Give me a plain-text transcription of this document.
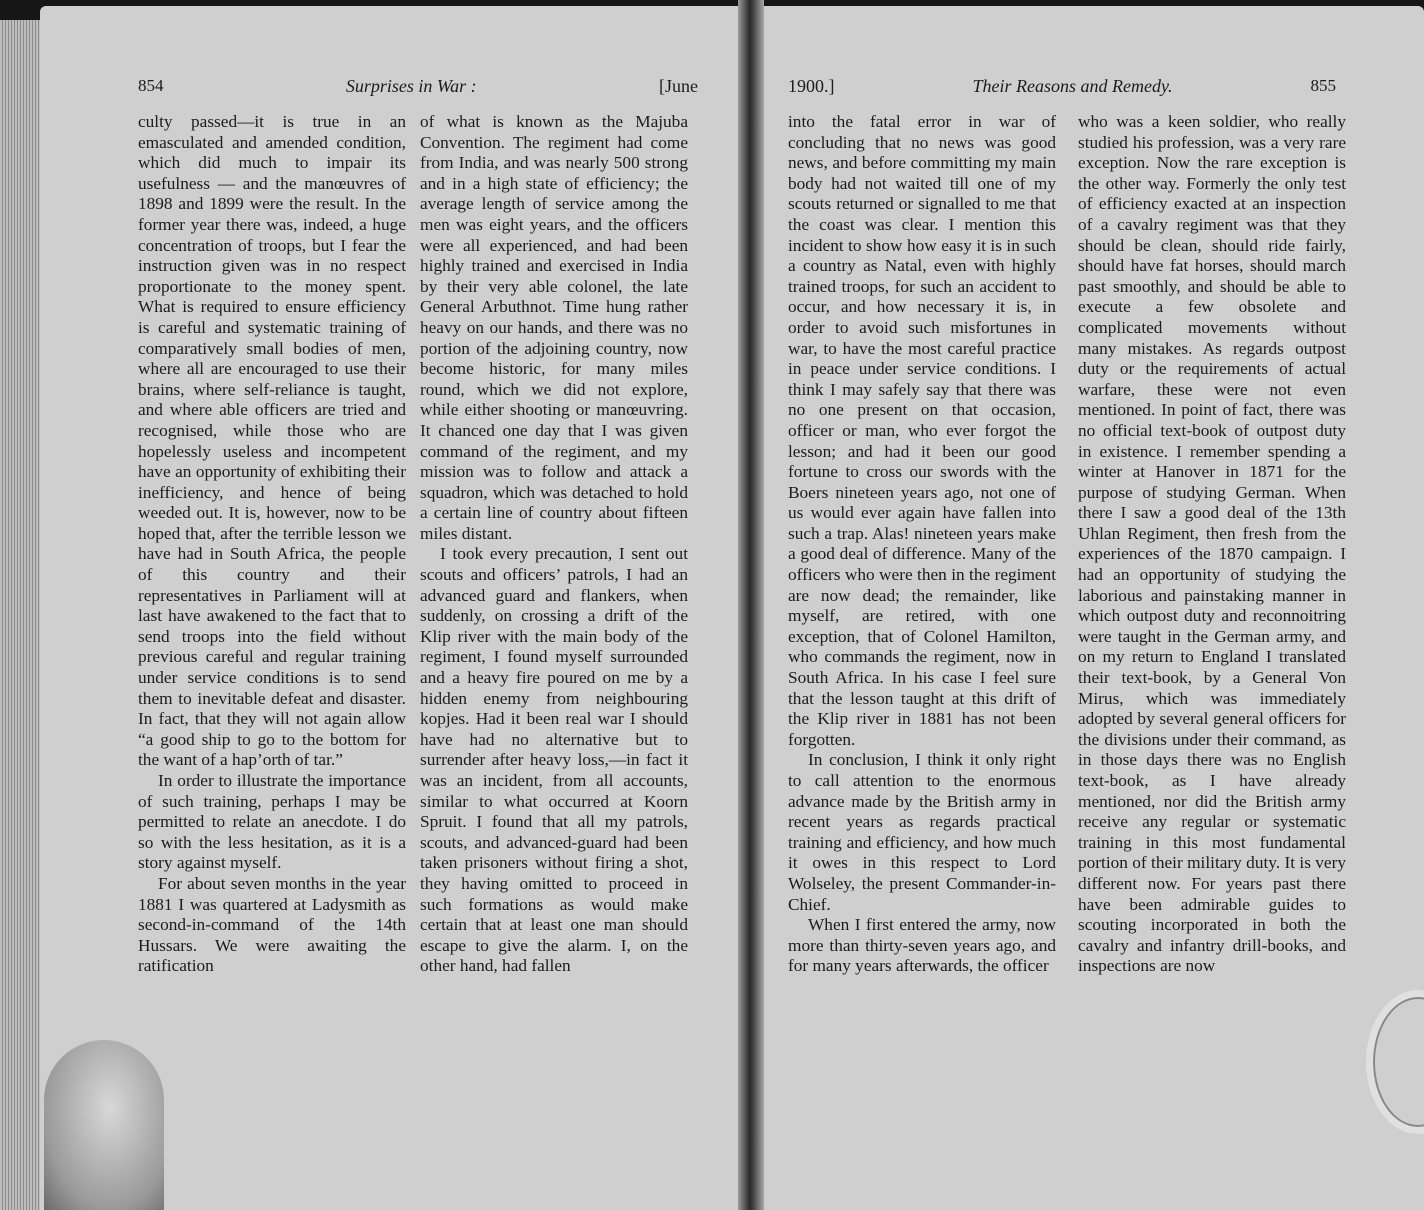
854	Surprises in War :	[June

culty passed—it is true in an emasculated and amended condition, which did much to impair its usefulness — and the manœuvres of 1898 and 1899 were the result. In the former year there was, indeed, a huge concentration of troops, but I fear the instruction given was in no respect proportionate to the money spent. What is required to ensure efficiency is careful and systematic training of comparatively small bodies of men, where all are encouraged to use their brains, where self-reliance is taught, and where able officers are tried and recognised, while those who are hopelessly useless and incompetent have an opportunity of exhibiting their inefficiency, and hence of being weeded out. It is, however, now to be hoped that, after the terrible lesson we have had in South Africa, the people of this country and their representatives in Parliament will at last have awakened to the fact that to send troops into the field without previous careful and regular training under service conditions is to send them to inevitable defeat and disaster. In fact, that they will not again allow “a good ship to go to the bottom for the want of a hap’orth of tar.”

In order to illustrate the importance of such training, perhaps I may be permitted to relate an anecdote. I do so with the less hesitation, as it is a story against myself.

For about seven months in the year 1881 I was quartered at Ladysmith as second-in-command of the 14th Hussars. We were awaiting the ratification

of what is known as the Majuba Convention. The regiment had come from India, and was nearly 500 strong and in a high state of efficiency; the average length of service among the men was eight years, and the officers were all experienced, and had been highly trained and exercised in India by their very able colonel, the late General Arbuthnot. Time hung rather heavy on our hands, and there was no portion of the adjoining country, now become historic, for many miles round, which we did not explore, while either shooting or manœuvring. It chanced one day that I was given command of the regiment, and my mission was to follow and attack a squadron, which was detached to hold a certain line of country about fifteen miles distant.

I took every precaution, I sent out scouts and officers’ patrols, I had an advanced guard and flankers, when suddenly, on crossing a drift of the Klip river with the main body of the regiment, I found myself surrounded and a heavy fire poured on me by a hidden enemy from neighbouring kopjes. Had it been real war I should have had no alternative but to surrender after heavy loss,—in fact it was an incident, from all accounts, similar to what occurred at Koorn Spruit. I found that all my patrols, scouts, and advanced-guard had been taken prisoners without firing a shot, they having omitted to proceed in such formations as would make certain that at least one man should escape to give the alarm. I, on the other hand, had fallen

1900.]	Their Reasons and Remedy.	855

into the fatal error in war of concluding that no news was good news, and before committing my main body had not waited till one of my scouts returned or signalled to me that the coast was clear. I mention this incident to show how easy it is in such a country as Natal, even with highly trained troops, for such an accident to occur, and how necessary it is, in order to avoid such misfortunes in war, to have the most careful practice in peace under service conditions. I think I may safely say that there was no one present on that occasion, officer or man, who ever forgot the lesson; and had it been our good fortune to cross our swords with the Boers nineteen years ago, not one of us would ever again have fallen into such a trap. Alas! nineteen years make a good deal of difference. Many of the officers who were then in the regiment are now dead; the remainder, like myself, are retired, with one exception, that of Colonel Hamilton, who commands the regiment, now in South Africa. In his case I feel sure that the lesson taught at this drift of the Klip river in 1881 has not been forgotten.

In conclusion, I think it only right to call attention to the enormous advance made by the British army in recent years as regards practical training and efficiency, and how much it owes in this respect to Lord Wolseley, the present Commander-in-Chief.

When I first entered the army, now more than thirty-seven years ago, and for many years afterwards, the officer

who was a keen soldier, who really studied his profession, was a very rare exception. Now the rare exception is the other way. Formerly the only test of efficiency exacted at an inspection of a cavalry regiment was that they should be clean, should ride fairly, should have fat horses, should march past smoothly, and should be able to execute a few obsolete and complicated movements without many mistakes. As regards outpost duty or the requirements of actual warfare, these were not even mentioned. In point of fact, there was no official text-book of outpost duty in existence. I remember spending a winter at Hanover in 1871 for the purpose of studying German. When there I saw a good deal of the 13th Uhlan Regiment, then fresh from the experiences of the 1870 campaign. I had an opportunity of studying the laborious and painstaking manner in which outpost duty and reconnoitring were taught in the German army, and on my return to England I translated their text-book, by a General Von Mirus, which was immediately adopted by several general officers for the divisions under their command, as in those days there was no English text-book, as I have already mentioned, nor did the British army receive any regular or systematic training in this most fundamental portion of their military duty. It is very different now. For years past there have been admirable guides to scouting incorporated in both the cavalry and infantry drill-books, and inspections are now
